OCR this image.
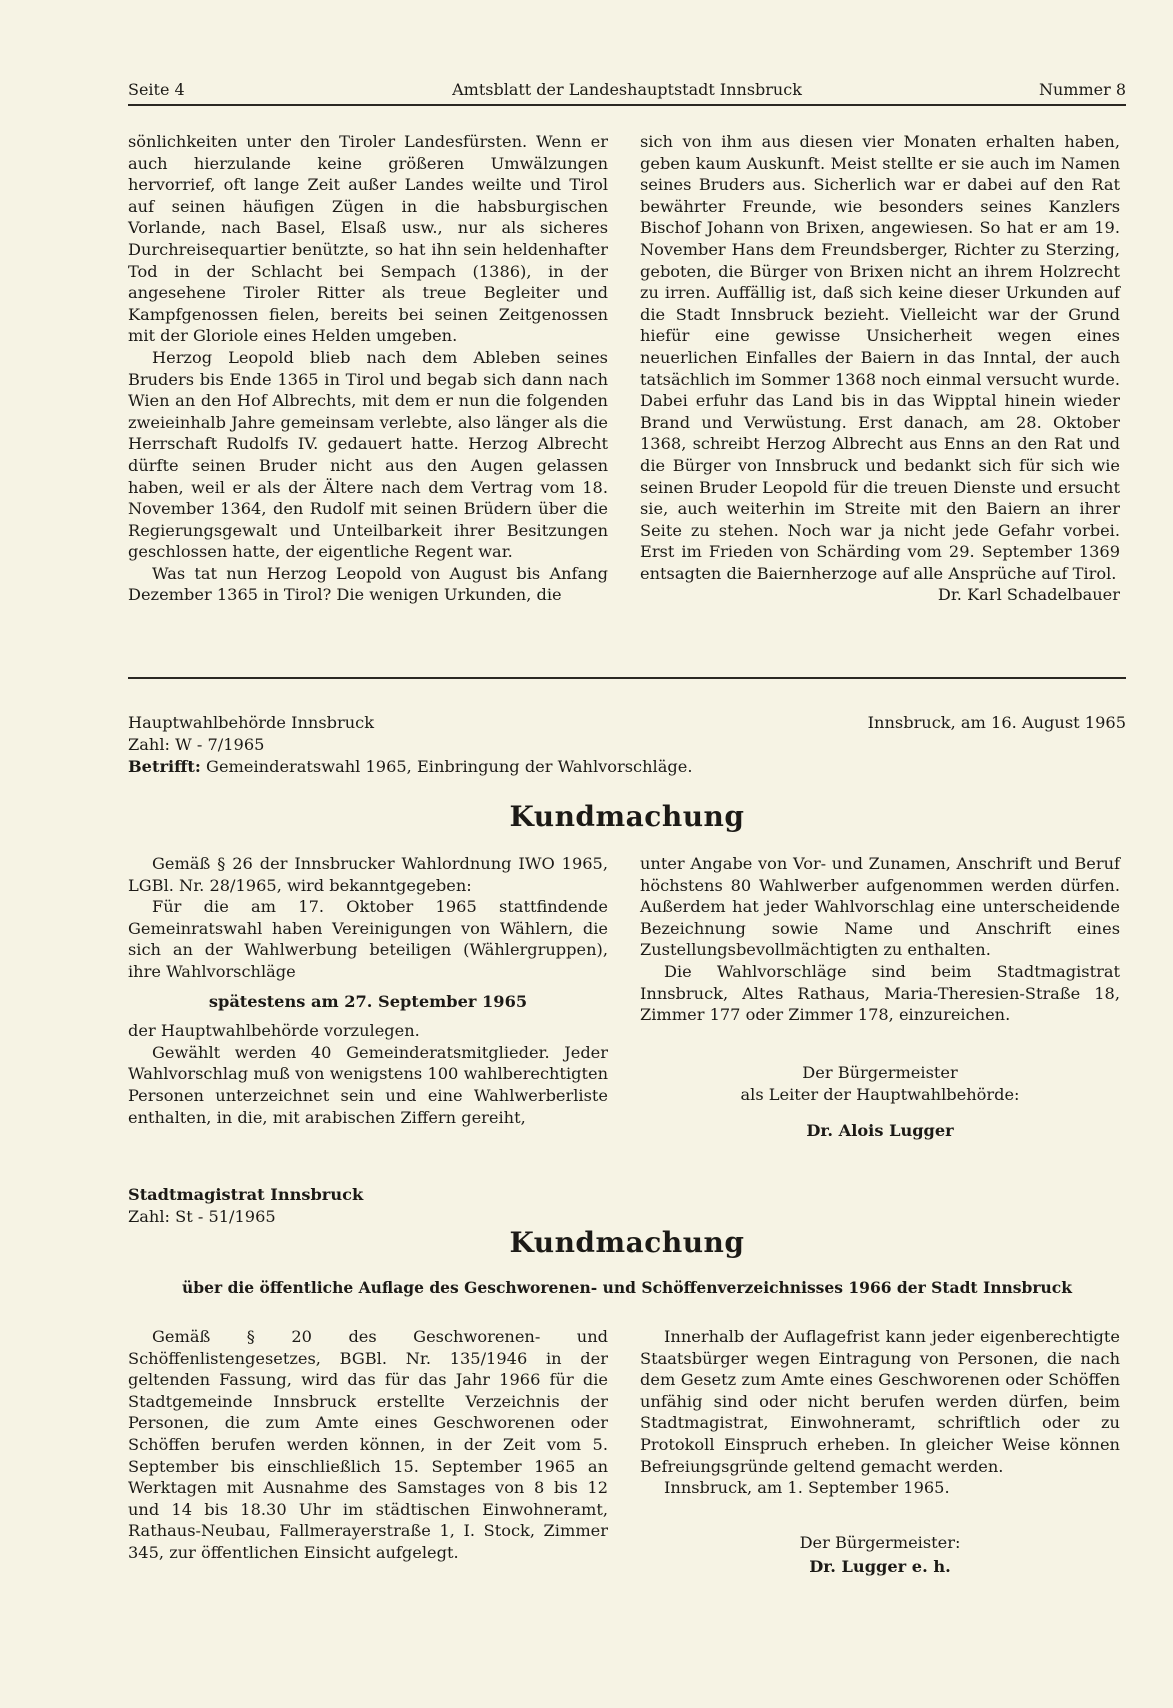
Seite 4	Amtsblatt der Landeshauptstadt Innsbruck	Nummer 8

sönlichkeiten unter den Tiroler Landesfürsten. Wenn er auch hierzulande keine größeren Umwälzungen hervorrief, oft lange Zeit außer Landes weilte und Tirol auf seinen häufigen Zügen in die habsburgischen Vorlande, nach Basel, Elsaß usw., nur als sicheres Durchreisequartier benützte, so hat ihn sein heldenhafter Tod in der Schlacht bei Sempach (1386), in der angesehene Tiroler Ritter als treue Begleiter und Kampfgenossen fielen, bereits bei seinen Zeitgenossen mit der Gloriole eines Helden umgeben.

Herzog Leopold blieb nach dem Ableben seines Bruders bis Ende 1365 in Tirol und begab sich dann nach Wien an den Hof Albrechts, mit dem er nun die folgenden zweieinhalb Jahre gemeinsam verlebte, also länger als die Herrschaft Rudolfs IV. gedauert hatte. Herzog Albrecht dürfte seinen Bruder nicht aus den Augen gelassen haben, weil er als der Ältere nach dem Vertrag vom 18. November 1364, den Rudolf mit seinen Brüdern über die Regierungsgewalt und Unteilbarkeit ihrer Besitzungen geschlossen hatte, der eigentliche Regent war.

Was tat nun Herzog Leopold von August bis Anfang Dezember 1365 in Tirol? Die wenigen Urkunden, die

sich von ihm aus diesen vier Monaten erhalten haben, geben kaum Auskunft. Meist stellte er sie auch im Namen seines Bruders aus. Sicherlich war er dabei auf den Rat bewährter Freunde, wie besonders seines Kanzlers Bischof Johann von Brixen, angewiesen. So hat er am 19. November Hans dem Freundsberger, Richter zu Sterzing, geboten, die Bürger von Brixen nicht an ihrem Holzrecht zu irren. Auffällig ist, daß sich keine dieser Urkunden auf die Stadt Innsbruck bezieht. Vielleicht war der Grund hiefür eine gewisse Unsicherheit wegen eines neuerlichen Einfalles der Baiern in das Inntal, der auch tatsächlich im Sommer 1368 noch einmal versucht wurde. Dabei erfuhr das Land bis in das Wipptal hinein wieder Brand und Verwüstung. Erst danach, am 28. Oktober 1368, schreibt Herzog Albrecht aus Enns an den Rat und die Bürger von Innsbruck und bedankt sich für sich wie seinen Bruder Leopold für die treuen Dienste und ersucht sie, auch weiterhin im Streite mit den Baiern an ihrer Seite zu stehen. Noch war ja nicht jede Gefahr vorbei. Erst im Frieden von Schärding vom 29. September 1369 entsagten die Baiernherzoge auf alle Ansprüche auf Tirol.

Dr. Karl Schadelbauer

Hauptwahlbehörde Innsbruck	Innsbruck, am 16. August 1965
Zahl: W - 7/1965
Betrifft: Gemeinderatswahl 1965, Einbringung der Wahlvorschläge.
Kundmachung

Gemäß § 26 der Innsbrucker Wahlordnung IWO 1965, LGBl. Nr. 28/1965, wird bekanntgegeben:

Für die am 17. Oktober 1965 stattfindende Gemeinratswahl haben Vereinigungen von Wählern, die sich an der Wahlwerbung beteiligen (Wählergruppen), ihre Wahlvorschläge

spätestens am 27. September 1965

der Hauptwahlbehörde vorzulegen.

Gewählt werden 40 Gemeinderatsmitglieder. Jeder Wahlvorschlag muß von wenigstens 100 wahlberechtigten Personen unterzeichnet sein und eine Wahlwerberliste enthalten, in die, mit arabischen Ziffern gereiht,

unter Angabe von Vor- und Zunamen, Anschrift und Beruf höchstens 80 Wahlwerber aufgenommen werden dürfen. Außerdem hat jeder Wahlvorschlag eine unterscheidende Bezeichnung sowie Name und Anschrift eines Zustellungsbevollmächtigten zu enthalten.

Die Wahlvorschläge sind beim Stadtmagistrat Innsbruck, Altes Rathaus, Maria-Theresien-Straße 18, Zimmer 177 oder Zimmer 178, einzureichen.

Der Bürgermeister
als Leiter der Hauptwahlbehörde:
Dr. Alois Lugger
Stadtmagistrat Innsbruck
Zahl: St - 51/1965
Kundmachung
über die öffentliche Auflage des Geschworenen- und Schöffenverzeichnisses 1966 der Stadt Innsbruck

Gemäß § 20 des Geschworenen- und Schöffenlistengesetzes, BGBl. Nr. 135/1946 in der geltenden Fassung, wird das für das Jahr 1966 für die Stadtgemeinde Innsbruck erstellte Verzeichnis der Personen, die zum Amte eines Geschworenen oder Schöffen berufen werden können, in der Zeit vom 5. September bis einschließlich 15. September 1965 an Werktagen mit Ausnahme des Samstages von 8 bis 12 und 14 bis 18.30 Uhr im städtischen Einwohneramt, Rathaus-Neubau, Fallmerayerstraße 1, I. Stock, Zimmer 345, zur öffentlichen Einsicht aufgelegt.

Innerhalb der Auflagefrist kann jeder eigenberechtigte Staatsbürger wegen Eintragung von Personen, die nach dem Gesetz zum Amte eines Geschworenen oder Schöffen unfähig sind oder nicht berufen werden dürfen, beim Stadtmagistrat, Einwohneramt, schriftlich oder zu Protokoll Einspruch erheben. In gleicher Weise können Befreiungsgründe geltend gemacht werden.

Innsbruck, am 1. September 1965.

Der Bürgermeister:
Dr. Lugger e. h.
